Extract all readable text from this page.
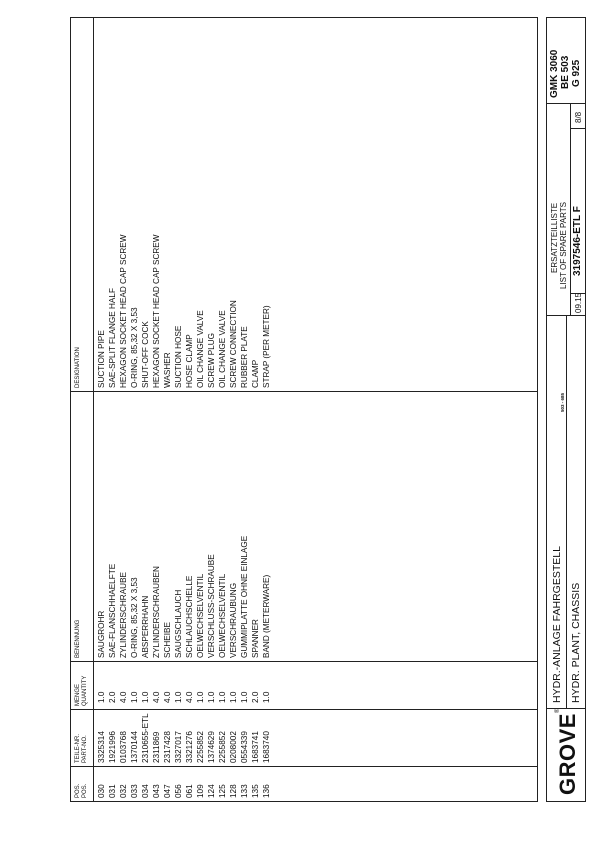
POS. POS.
TEILE-NR. PART-NO.
MENGE QUANTITY
BENENNUNG
DESIGNATION
030
3325314
1.0
SAUGROHR
SUCTION PIPE
031
1921996
2.0
SAE-FLANSCHHAELFTE
SAE-SPLIT FLANGE HALF
032
0103768
4.0
ZYLINDERSCHRAUBE
HEXAGON SOCKET HEAD CAP SCREW
033
1370144
1.0
O-RING, 85,32 X 3,53
O-RING, 85,32 X 3,53
034
2310655-ETL
1.0
ABSPERRHAHN
SHUT-OFF COCK
043
2311869
4.0
ZYLINDERSCHRAUBEN
HEXAGON SOCKET HEAD CAP SCREW
047
2317428
4.0
SCHEIBE
WASHER
056
3327017
1.0
SAUGSCHLAUCH
SUCTION HOSE
061
3321276
4.0
SCHLAUCHSCHELLE
HOSE CLAMP
109
2255852
1.0
OELWECHSELVENTIL
OIL CHANGE VALVE
124
1374629
1.0
VERSCHLUSS-SCHRAUBE
SCREW PLUG
125
2255852
1.0
OELWECHSELVENTIL
OIL CHANGE VALVE
128
0208002
1.0
VERSCHRAUBUNG
SCREW CONNECTION
133
0554339
1.0
GUMMIPLATTE OHNE EINLAGE
RUBBER PLATE
135
1683741
2.0
SPANNER
CLAMP
136
1683740
1.0
BAND (METERWARE)
STRAP (PER METER)
GROVE®
HYDR.-ANLAGE FAHRGESTELL HYDR. PLANT, CHASSIS
ERSATZTEILLISTE LIST OF SPARE PARTS
09.15
3197546-ETL F
8/8
GMK 3060 BE 503 G 925
503 - 685
